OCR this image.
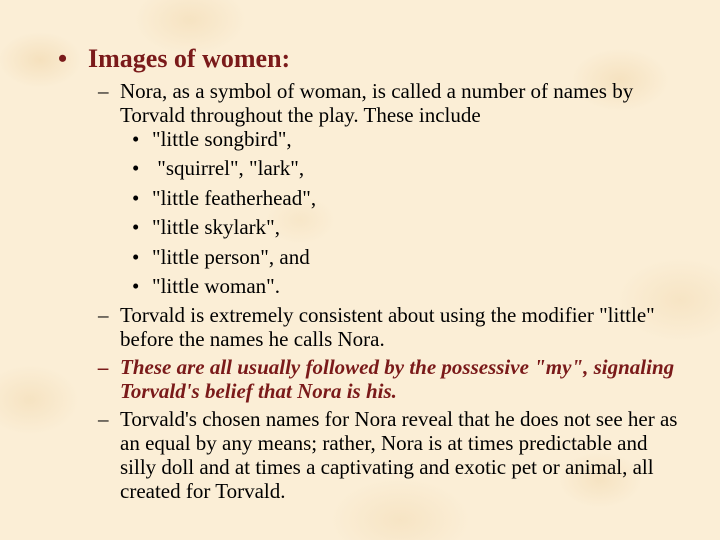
• Images of women:
– Nora, as a symbol of woman, is called a number of names by Torvald throughout the play. These include
• "little songbird",
• "squirrel", "lark",
• "little featherhead",
• "little skylark",
• "little person", and
• "little woman".
– Torvald is extremely consistent about using the modifier "little" before the names he calls Nora.
– These are all usually followed by the possessive "my", signaling Torvald's belief that Nora is his.
– Torvald's chosen names for Nora reveal that he does not see her as an equal by any means; rather, Nora is at times predictable and silly doll and at times a captivating and exotic pet or animal, all created for Torvald.
